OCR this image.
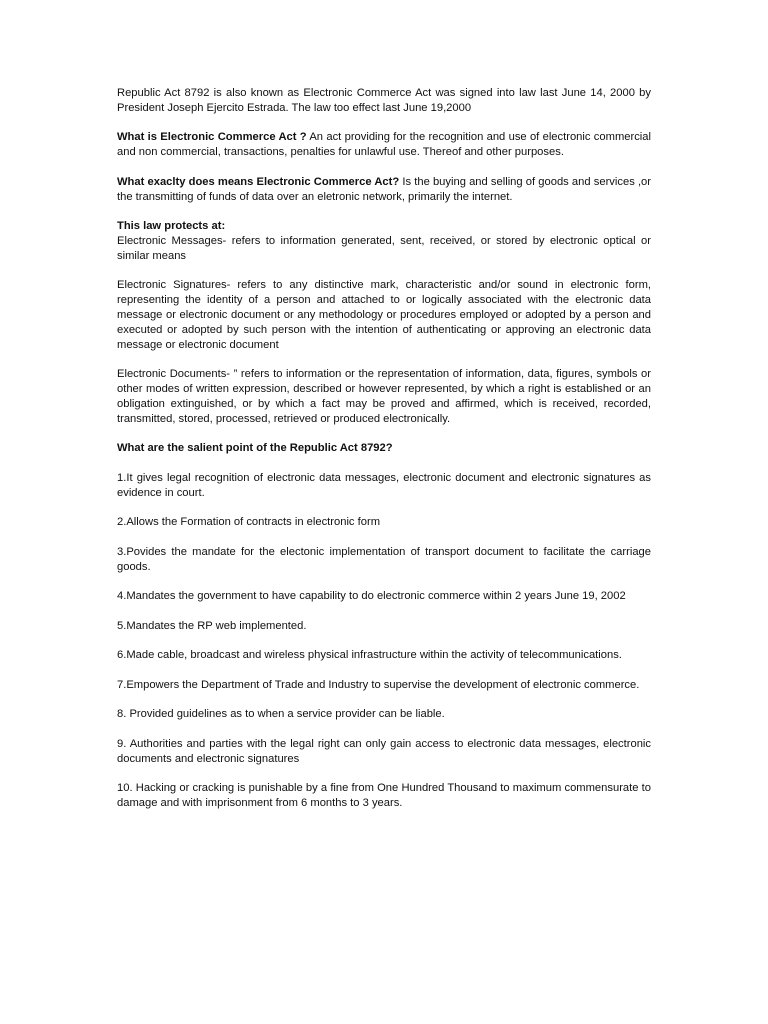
Republic Act 8792 is also known as Electronic Commerce Act was signed into law last June 14, 2000 by President Joseph Ejercito Estrada. The law too effect last June 19,2000

What is Electronic Commerce Act ? An act providing for the recognition and use of electronic commercial and non commercial, transactions, penalties for unlawful use. Thereof and other purposes.

What exaclty does means Electronic Commerce Act? Is the buying and selling of goods and services ,or the transmitting of funds of data over an eletronic network, primarily the internet.

This law protects at:

Electronic Messages- refers to information generated, sent, received, or stored by electronic optical or similar means

Electronic Signatures- refers to any distinctive mark, characteristic and/or sound in electronic form, representing the identity of a person and attached to or logically associated with the electronic data message or electronic document or any methodology or procedures employed or adopted by a person and executed or adopted by such person with the intention of authenticating or approving an electronic data message or electronic document

Electronic Documents- ” refers to information or the representation of information, data, figures, symbols or other modes of written expression, described or however represented, by which a right is established or an obligation extinguished, or by which a fact may be proved and affirmed, which is received, recorded, transmitted, stored, processed, retrieved or produced electronically.

What are the salient point of the Republic Act 8792?

1.It gives legal recognition of electronic data messages, electronic document and electronic signatures as evidence in court.

2.Allows the Formation of contracts in electronic form

3.Povides the mandate for the electonic implementation of transport document to facilitate the carriage goods.

4.Mandates the government to have capability to do electronic commerce within 2 years June 19, 2002

5.Mandates the RP web implemented.

6.Made cable, broadcast and wireless physical infrastructure within the activity of telecommunications.

7.Empowers the Department of Trade and Industry to supervise the development of electronic commerce.

8. Provided guidelines as to when a service provider can be liable.

9. Authorities and parties with the legal right can only gain access to electronic data messages, electronic documents and electronic signatures

10. Hacking or cracking is punishable by a fine from One Hundred Thousand to maximum commensurate to damage and with imprisonment from 6 months to 3 years.
